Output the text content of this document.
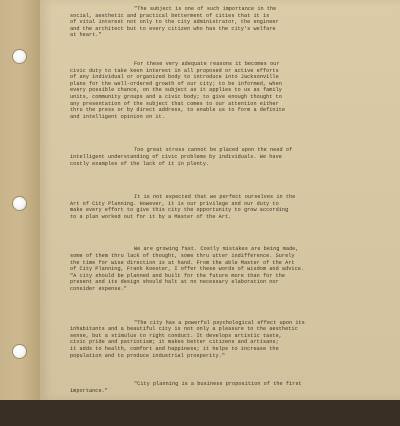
"The subject is one of such importance in the
social, aesthetic and practical betterment of cities that it is
of vital interest not only to the city administrator, the engineer
and the architect but to every citizen who has the city's welfare
at heart."

For these very adequate reasons it becomes our
civic duty to take keen interest in all proposed or active efforts
of any individual or organized body to introduce into Jacksonville
plans for the well-ordered growth of our city; to be informed, when
every possible chance, on the subject as it applies to us as family
units, community groups and a civic body; to give enough thought to
any presentation of the subject that comes to our attention either
thru the press or by direct address, to enable us to form a definite
and intelligent opinion on it.

Too great stress cannot be placed upon the need of
intelligent understanding of civic problems by individuals. We have
costly examples of the lack of it in plenty.

It is not expected that we perfect ourselves in the
Art of City Planning. However, it is our privilege and our duty to
make every effort to give this city the opportunity to grow according
to a plan worked out for it by a Master of the Art.

We are growing fast. Costly mistakes are being made,
some of them thru lack of thought, some thru utter indifference. Surely
the time for wise direction is at hand. From the able Master of the Art
of City Planning, Frank Koester, I offer these words of wisdom and advice.
"A city should be planned and built for the future more than for the
present and its design should halt at no necessary elaboration nor
consider expense."

"The city has a powerful psychological effect upon its
inhabitants and a beautiful city is not only a pleasure to the aesthetic
sense, but a stimulus to right conduct. It develops artistic taste,
civic pride and patriotism; it makes better citizens and artisans;
it adds to health, comfort and happiness; it helps to increase the
population and to produce industrial prosperity."

"City planning is a business proposition of the first
importance."

Can we then afford to delay in embarking this powerful
